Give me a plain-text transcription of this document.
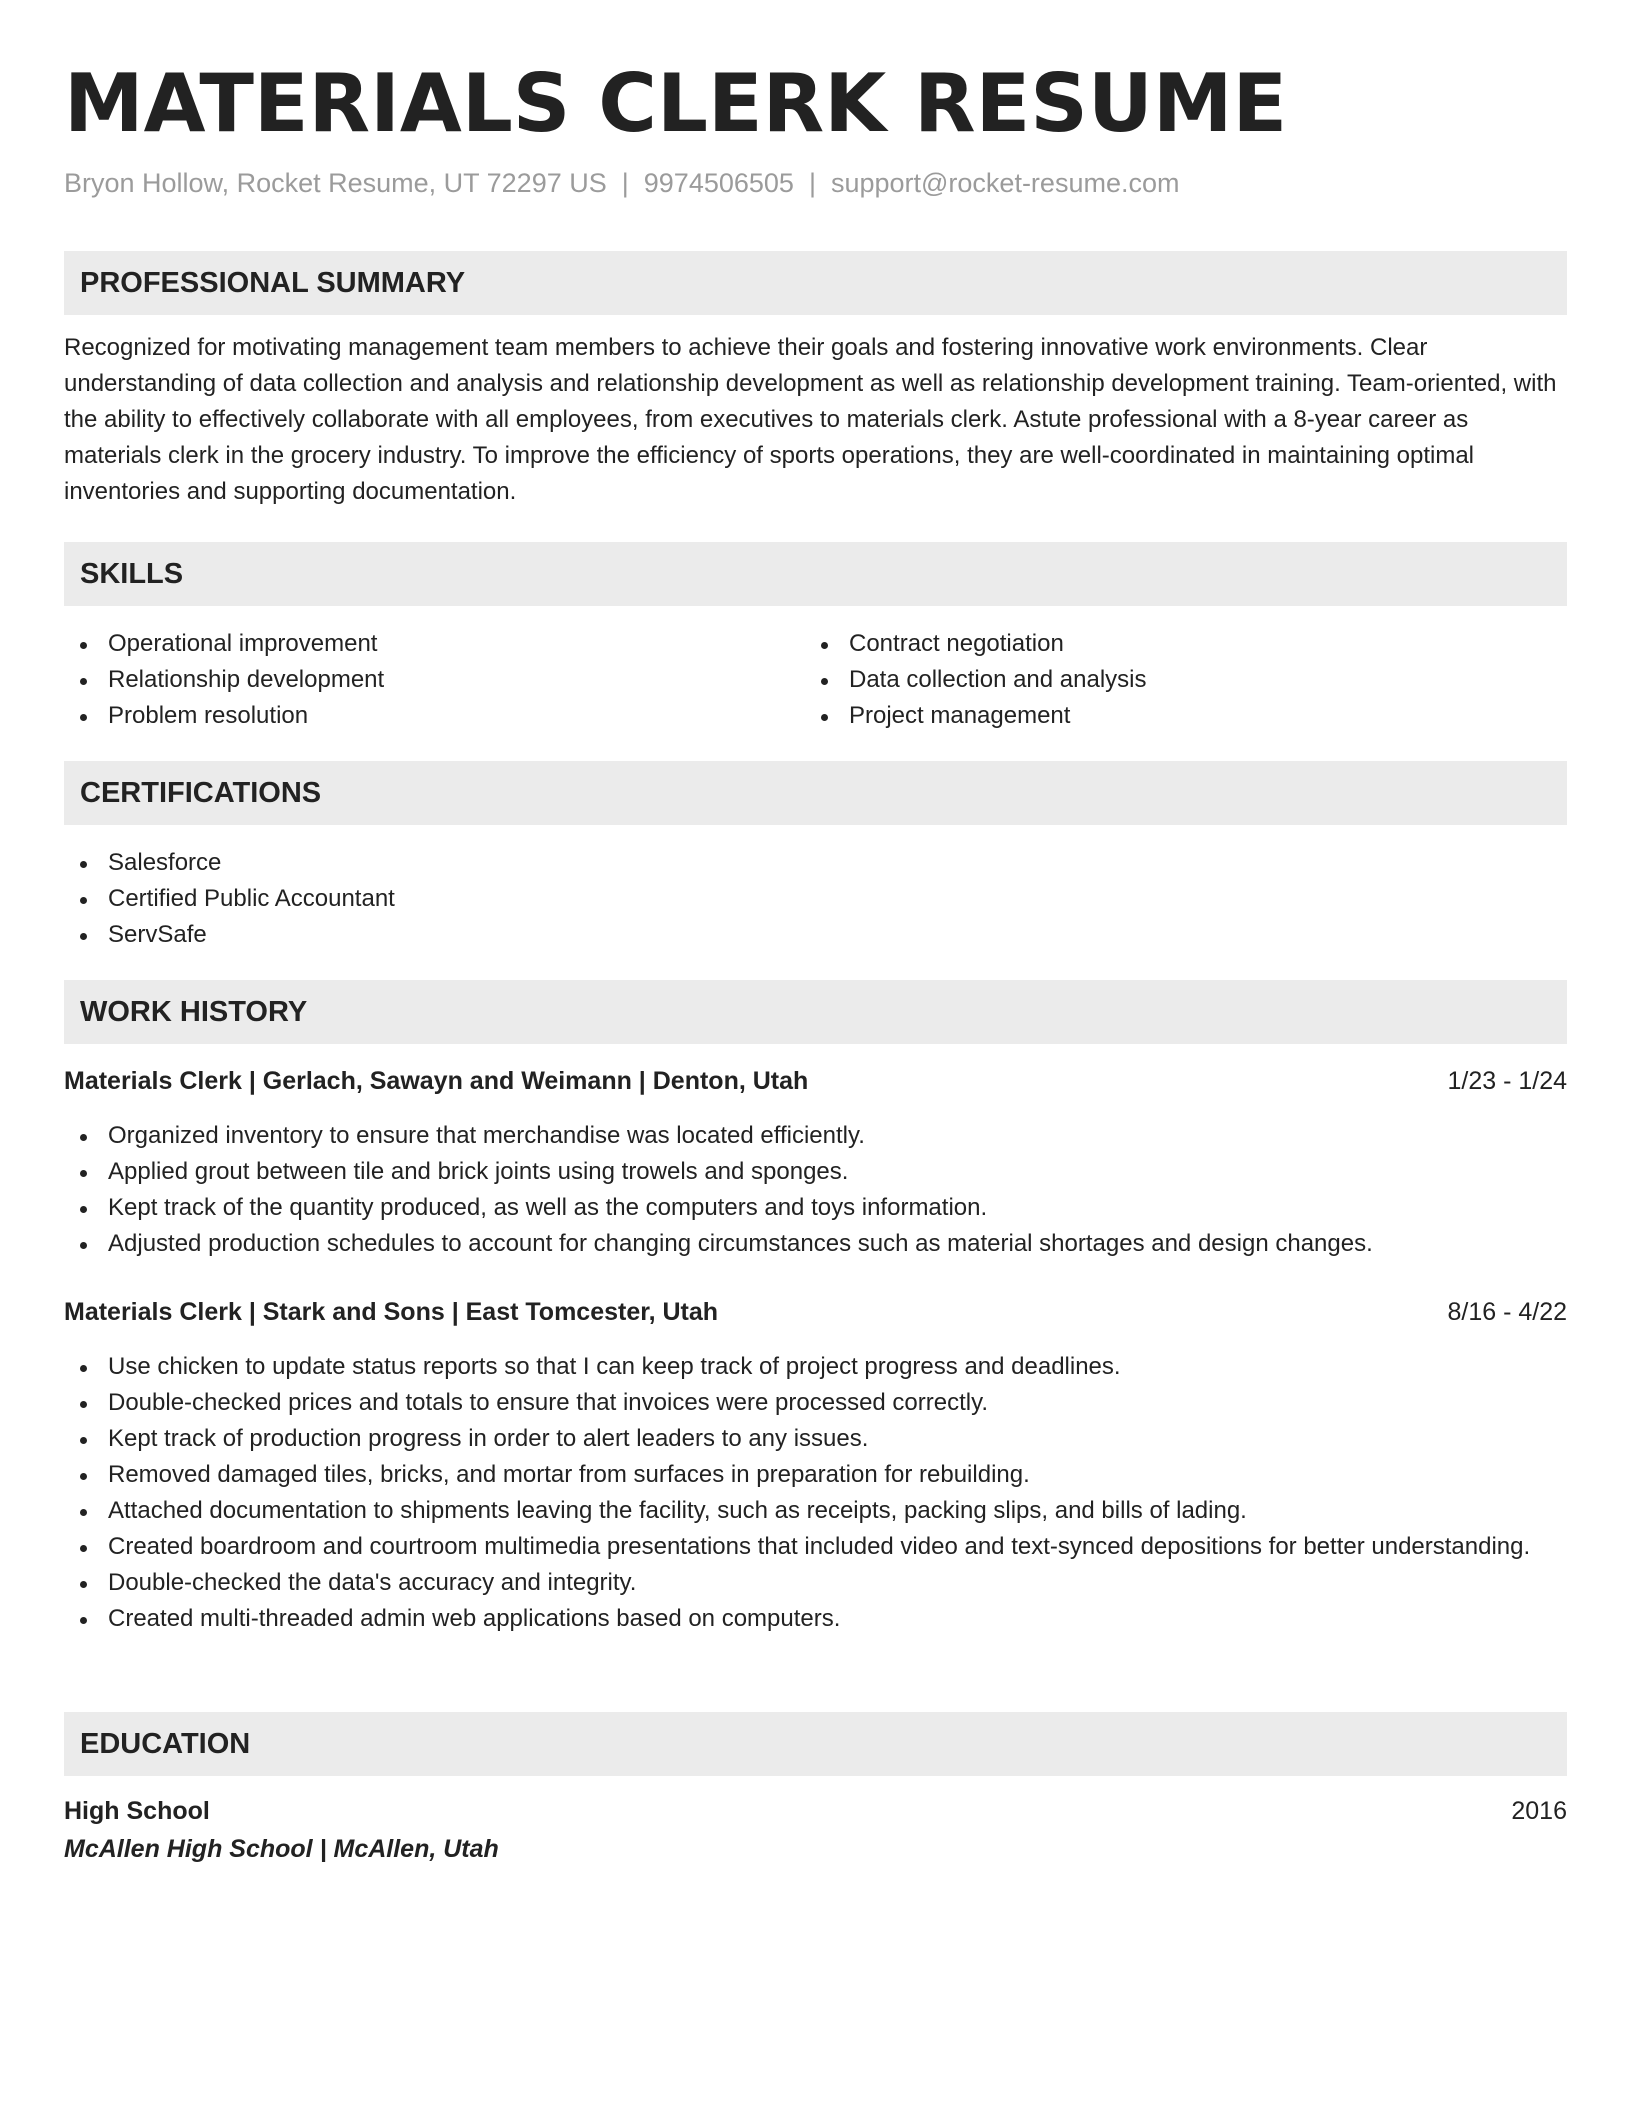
MATERIALS CLERK RESUME
Bryon Hollow, Rocket Resume, UT 72297 US | 9974506505 | support@rocket-resume.com
PROFESSIONAL SUMMARY
Recognized for motivating management team members to achieve their goals and fostering innovative work environments. Clear understanding of data collection and analysis and relationship development as well as relationship development training. Team-oriented, with the ability to effectively collaborate with all employees, from executives to materials clerk. Astute professional with a 8-year career as materials clerk in the grocery industry. To improve the efficiency of sports operations, they are well-coordinated in maintaining optimal inventories and supporting documentation.
SKILLS
Operational improvement
Relationship development
Problem resolution
Contract negotiation
Data collection and analysis
Project management
CERTIFICATIONS
Salesforce
Certified Public Accountant
ServSafe
WORK HISTORY
Materials Clerk | Gerlach, Sawayn and Weimann | Denton, Utah	1/23 - 1/24
Organized inventory to ensure that merchandise was located efficiently.
Applied grout between tile and brick joints using trowels and sponges.
Kept track of the quantity produced, as well as the computers and toys information.
Adjusted production schedules to account for changing circumstances such as material shortages and design changes.
Materials Clerk | Stark and Sons | East Tomcester, Utah	8/16 - 4/22
Use chicken to update status reports so that I can keep track of project progress and deadlines.
Double-checked prices and totals to ensure that invoices were processed correctly.
Kept track of production progress in order to alert leaders to any issues.
Removed damaged tiles, bricks, and mortar from surfaces in preparation for rebuilding.
Attached documentation to shipments leaving the facility, such as receipts, packing slips, and bills of lading.
Created boardroom and courtroom multimedia presentations that included video and text-synced depositions for better understanding.
Double-checked the data's accuracy and integrity.
Created multi-threaded admin web applications based on computers.
EDUCATION
High School	2016
McAllen High School | McAllen, Utah
